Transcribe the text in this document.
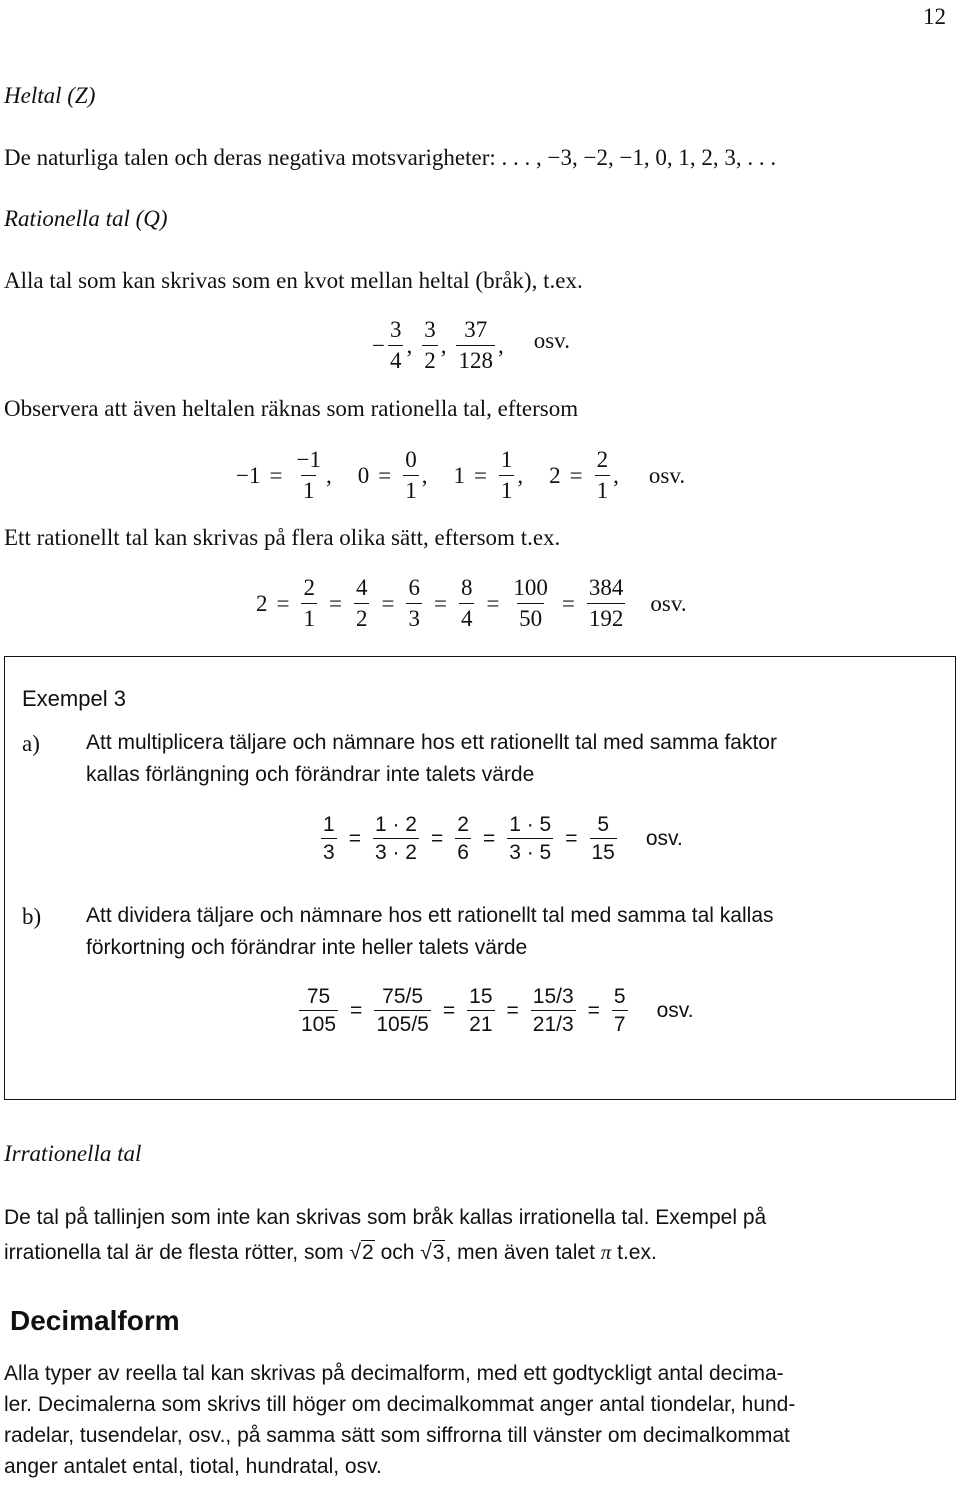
12
Heltal (Z)
De naturliga talen och deras negativa motsvarigheter: . . . , −3, −2, −1, 0, 1, 2, 3, . . .
Rationella tal (Q)
Alla tal som kan skrivas som en kvot mellan heltal (bråk), t.ex.
− $\frac{3}{4}$ , $\frac{3}{2}$ , $\frac{37}{128}$ , osv.
Observera att även heltalen räknas som rationella tal, eftersom
$-1 = \frac{-1}{1}$ , $0 = \frac{0}{1}$ , $1 = \frac{1}{1}$ , $2 = \frac{2}{1}$ , osv.
Ett rationellt tal kan skrivas på flera olika sätt, eftersom t.ex.
$2 = \frac{2}{1} = \frac{4}{2} = \frac{6}{3} = \frac{8}{4} = \frac{100}{50} = \frac{384}{192}$ osv.
Exempel 3
a) Att multiplicera täljare och nämnare hos ett rationellt tal med samma faktor
kallas förlängning och förändrar inte talets värde
$\frac{1}{3} = \frac{1 \cdot 2}{3 \cdot 2} = \frac{2}{6} = \frac{1 \cdot 5}{3 \cdot 5} = \frac{5}{15}$ osv.
b) Att dividera täljare och nämnare hos ett rationellt tal med samma tal kallas
förkortning och förändrar inte heller talets värde
$\frac{75}{105} = \frac{75/5}{105/5} = \frac{15}{21} = \frac{15/3}{21/3} = \frac{5}{7}$ osv.
Irrationella tal
De tal på tallinjen som inte kan skrivas som bråk kallas irrationella tal. Exempel på
irrationella tal är de flesta rötter, som √2 och √3, men även talet π t.ex.
Decimalform
Alla typer av reella tal kan skrivas på decimalform, med ett godtyckligt antal decima-
ler. Decimalerna som skrivs till höger om decimalkommat anger antal tiondelar, hund-
radelar, tusendelar, osv., på samma sätt som siffrorna till vänster om decimalkommat
anger antalet ental, tiotal, hundratal, osv.
